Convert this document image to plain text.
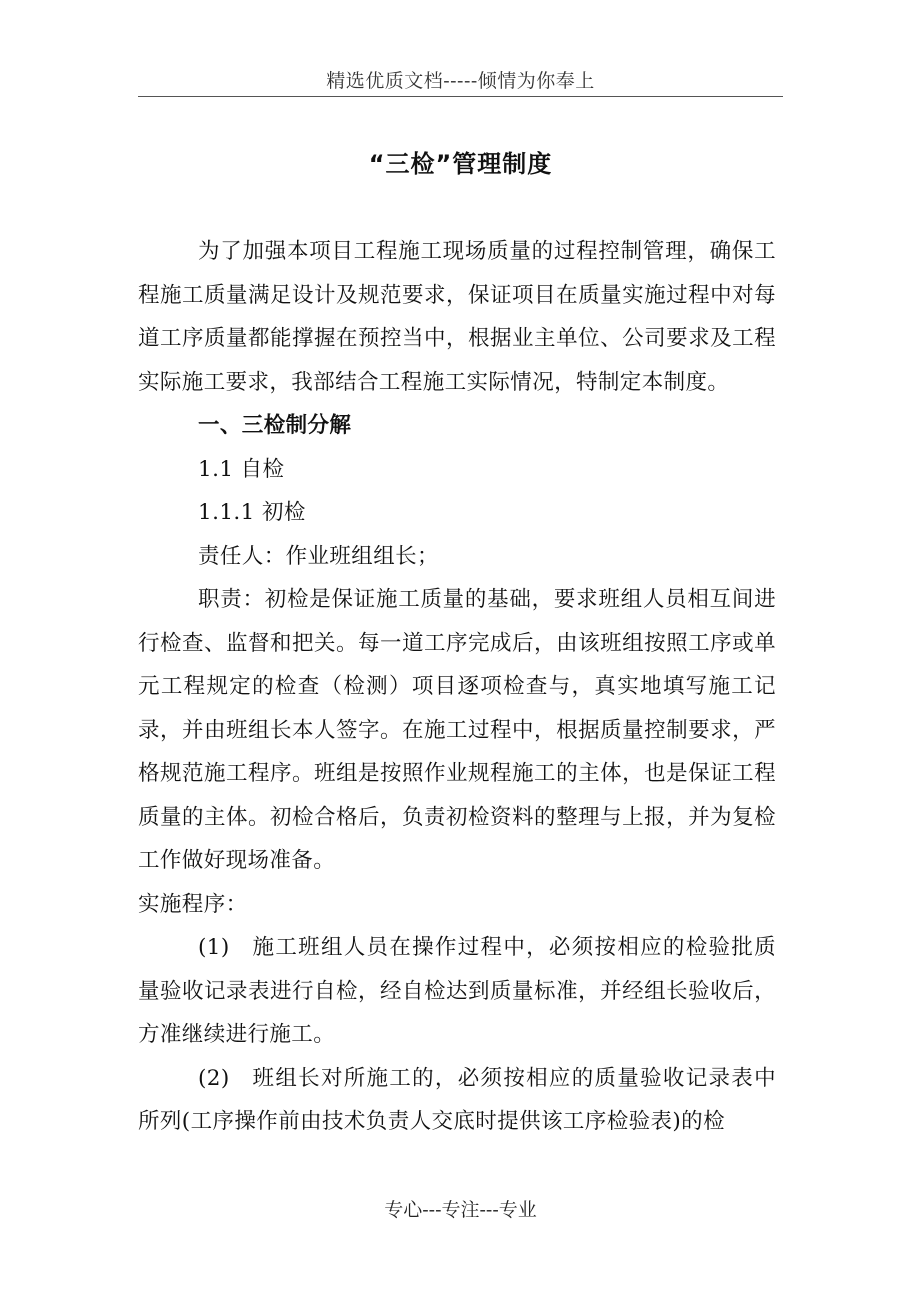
精选优质文档-----倾情为你奉上
“三检”管理制度

为了加强本项目工程施工现场质量的过程控制管理，确保工程施工质量满足设计及规范要求，保证项目在质量实施过程中对每道工序质量都能撑握在预控当中，根据业主单位、公司要求及工程实际施工要求，我部结合工程施工实际情况，特制定本制度。

一、三检制分解

1.1 自检

1.1.1 初检

责任人：作业班组组长；

职责：初检是保证施工质量的基础，要求班组人员相互间进行检查、监督和把关。每一道工序完成后，由该班组按照工序或单元工程规定的检查（检测）项目逐项检查与，真实地填写施工记录，并由班组长本人签字。在施工过程中，根据质量控制要求，严格规范施工程序。班组是按照作业规程施工的主体，也是保证工程质量的主体。初检合格后，负责初检资料的整理与上报，并为复检工作做好现场准备。

实施程序：

(1) 施工班组人员在操作过程中，必须按相应的检验批质量验收记录表进行自检，经自检达到质量标准，并经组长验收后，方准继续进行施工。

(2) 班组长对所施工的，必须按相应的质量验收记录表中所列(工序操作前由技术负责人交底时提供该工序检验表)的检

专心---专注---专业
